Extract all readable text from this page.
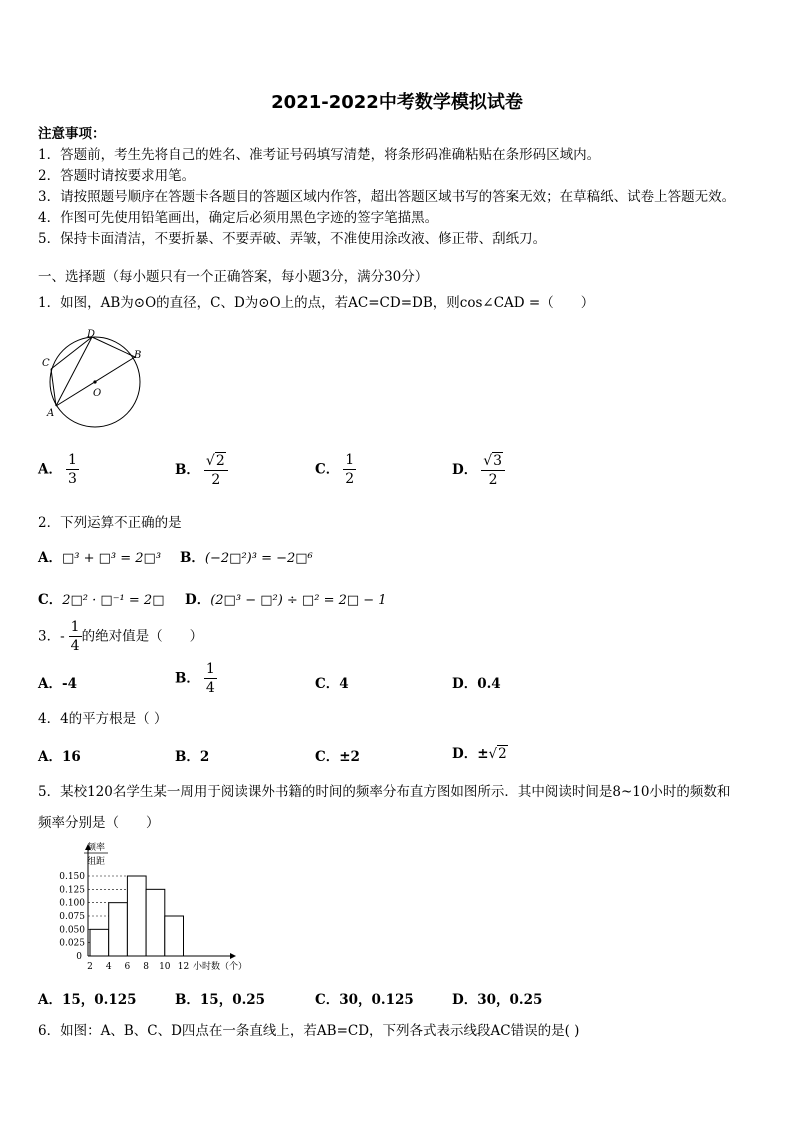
2021-2022中考数学模拟试卷
注意事项：
1．答题前，考生先将自己的姓名、准考证号码填写清楚，将条形码准确粘贴在条形码区域内。
2．答题时请按要求用笔。
3．请按照题号顺序在答题卡各题目的答题区域内作答，超出答题区域书写的答案无效；在草稿纸、试卷上答题无效。
4．作图可先使用铅笔画出，确定后必须用黑色字迹的签字笔描黑。
5．保持卡面清洁，不要折暴、不要弄破、弄皱，不准使用涂改液、修正带、刮纸刀。
一、选择题（每小题只有一个正确答案，每小题3分，满分30分）
1．如图，AB为⊙O的直径，C、D为⊙O上的点，若AC=CD=DB，则cos∠CAD =（　　）
D
C
B
A
O
A． $\frac{1}{3}$	B． $\frac{√2}{2}$	C． $\frac{1}{2}$	D． $\frac{√3}{2}$
2．下列运算不正确的是
A．□³ + □³ = 2□³ B．(−2□²)³ = −2□⁶
C．2□² · □⁻¹ = 2□ D．(2□³ − □²) ÷ □² = 2□ − 1
3．- $\frac{1}{4}$ 的绝对值是（　　）
A．-4	B． $\frac{1}{4}$	C．4	D．0.4
4．4的平方根是（ ）
A．16	B．2	C．±2	D．±√2
5．某校120名学生某一周用于阅读课外书籍的时间的频率分布直方图如图所示．其中阅读时间是8~10小时的频数和
频率分别是（　　）
0.150
0.125
0.100
0.075
0.050
0.025
频率
组距
0
2 4 6 8 10 12 小时数（个）
A．15，0.125	B．15，0.25	C．30，0.125	D．30，0.25
6．如图：A、B、C、D四点在一条直线上，若AB=CD，下列各式表示线段AC错误的是( )
